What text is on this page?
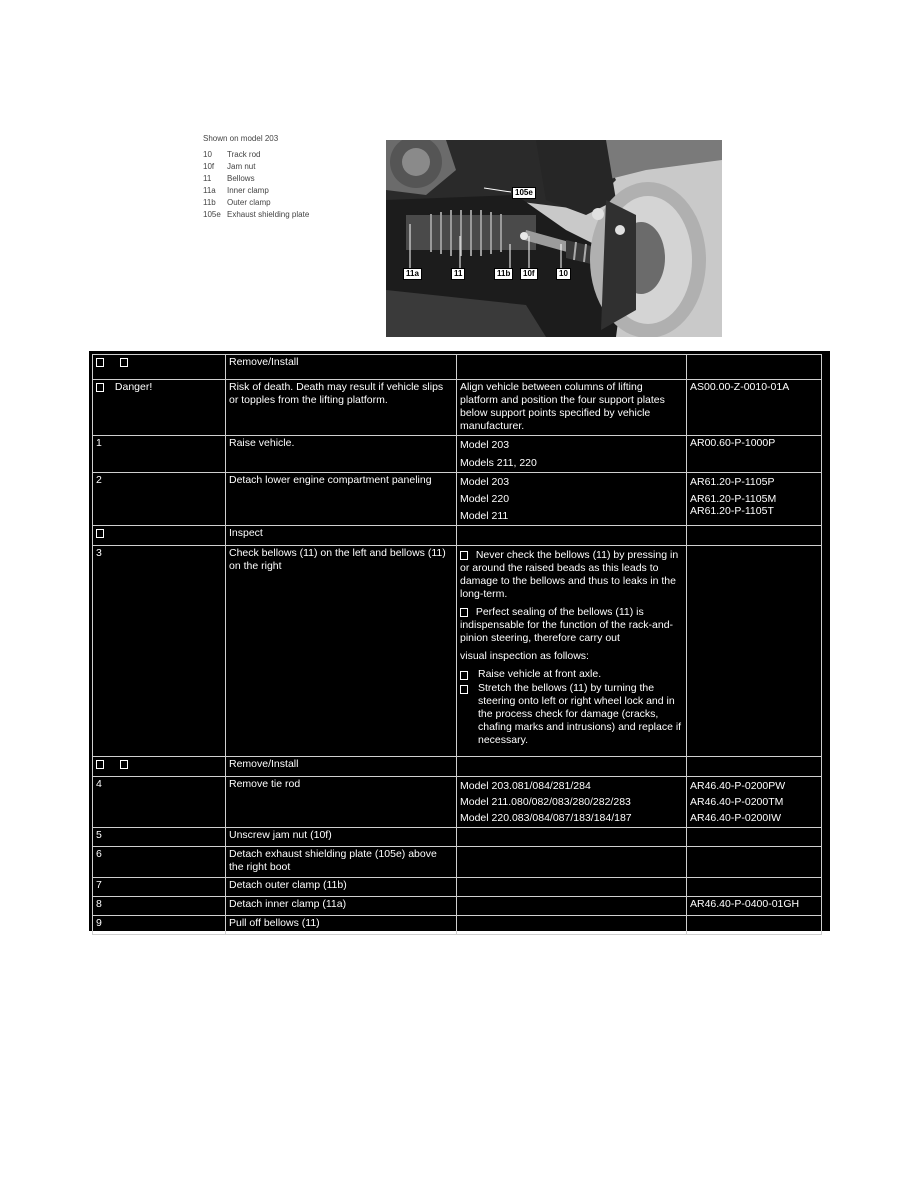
Shown on model 203
10 Track rod
10f Jam nut
11 Bellows
11a Inner clamp
11b Outer clamp
105e Exhaust shielding plate
105e
11a	11	11b	10f	10
	Remove/Install		
Danger!	Risk of death. Death may result if vehicle slips or topples from the lifting platform.	Align vehicle between columns of lifting platform and position the four support plates below support points specified by vehicle manufacturer.	AS00.00-Z-0010-01A
1	Raise vehicle.	Model 203
Models 211, 220	AR00.60-P-1000P
2	Detach lower engine compartment paneling	Model 203
Model 220
Model 211	AR61.20-P-1105P
AR61.20-P-1105M
AR61.20-P-1105T

	Inspect		
3	Check bellows (11) on the left and bellows (11) on the right	Never check the bellows (11) by pressing in or around the raised beads as this leads to damage to the bellows and thus to leaks in the long-term.
Perfect sealing of the bellows (11) is indispensable for the function of the rack-and-pinion steering, therefore carry out
visual inspection as follows:
Raise vehicle at front axle.
Stretch the bellows (11) by turning the steering onto left or right wheel lock and in the process check for damage (cracks, chafing marks and intrusions) and replace if necessary.	

	Remove/Install		
4	Remove tie rod	Model 203.081/084/281/284
Model 211.080/082/083/280/282/283
Model 220.083/084/087/183/184/187	AR46.40-P-0200PW
AR46.40-P-0200TM
AR46.40-P-0200IW

5	Unscrew jam nut (10f)		
6	Detach exhaust shielding plate (105e) above the right boot		
7	Detach outer clamp (11b)		
8	Detach inner clamp (11a)		AR46.40-P-0400-01GH
9	Pull off bellows (11)		
